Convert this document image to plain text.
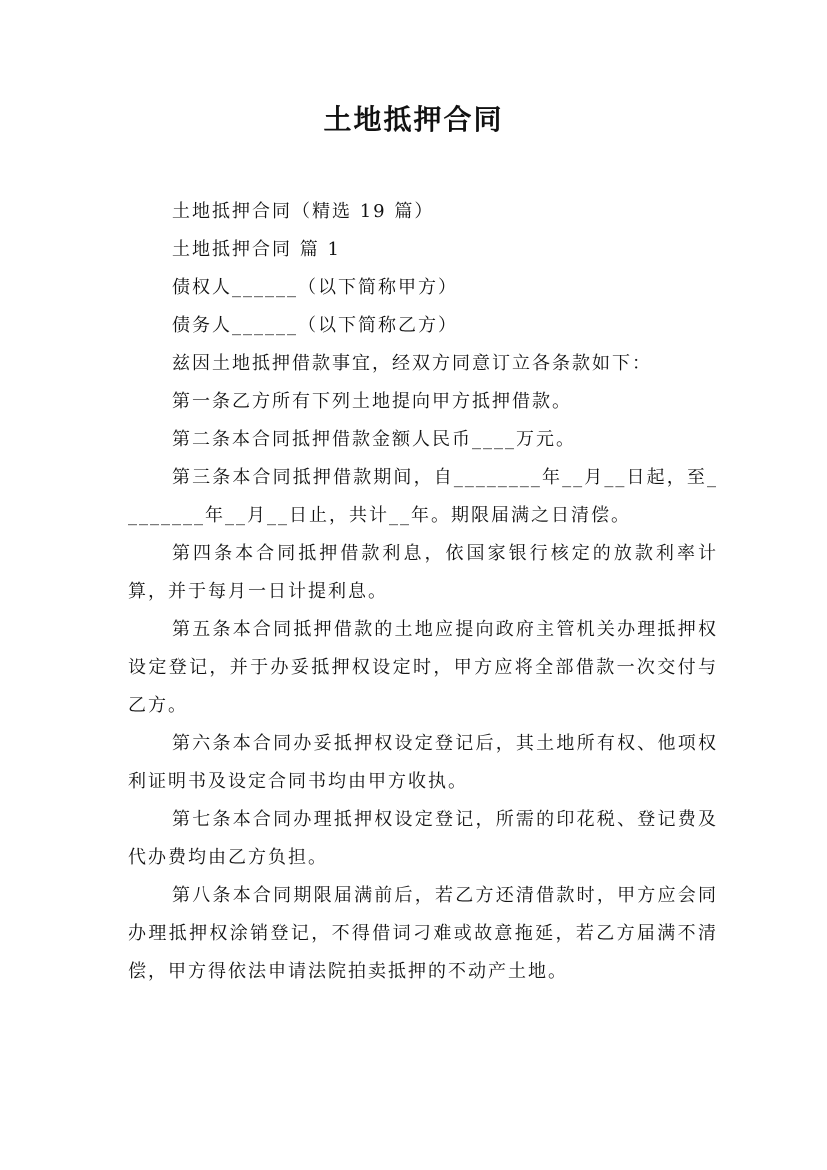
土地抵押合同

土地抵押合同（精选 19 篇）

土地抵押合同 篇 1

债权人______（以下简称甲方）

债务人______（以下简称乙方）

兹因土地抵押借款事宜，经双方同意订立各条款如下：

第一条乙方所有下列土地提向甲方抵押借款。

第二条本合同抵押借款金额人民币____万元。

第三条本合同抵押借款期间，自________年__月__日起，至________年__月__日止，共计__年。期限届满之日清偿。

第四条本合同抵押借款利息，依国家银行核定的放款利率计算，并于每月一日计提利息。

第五条本合同抵押借款的土地应提向政府主管机关办理抵押权设定登记，并于办妥抵押权设定时，甲方应将全部借款一次交付与乙方。

第六条本合同办妥抵押权设定登记后，其土地所有权、他项权利证明书及设定合同书均由甲方收执。

第七条本合同办理抵押权设定登记，所需的印花税、登记费及代办费均由乙方负担。

第八条本合同期限届满前后，若乙方还清借款时，甲方应会同办理抵押权涂销登记，不得借词刁难或故意拖延，若乙方届满不清偿，甲方得依法申请法院拍卖抵押的不动产土地。
